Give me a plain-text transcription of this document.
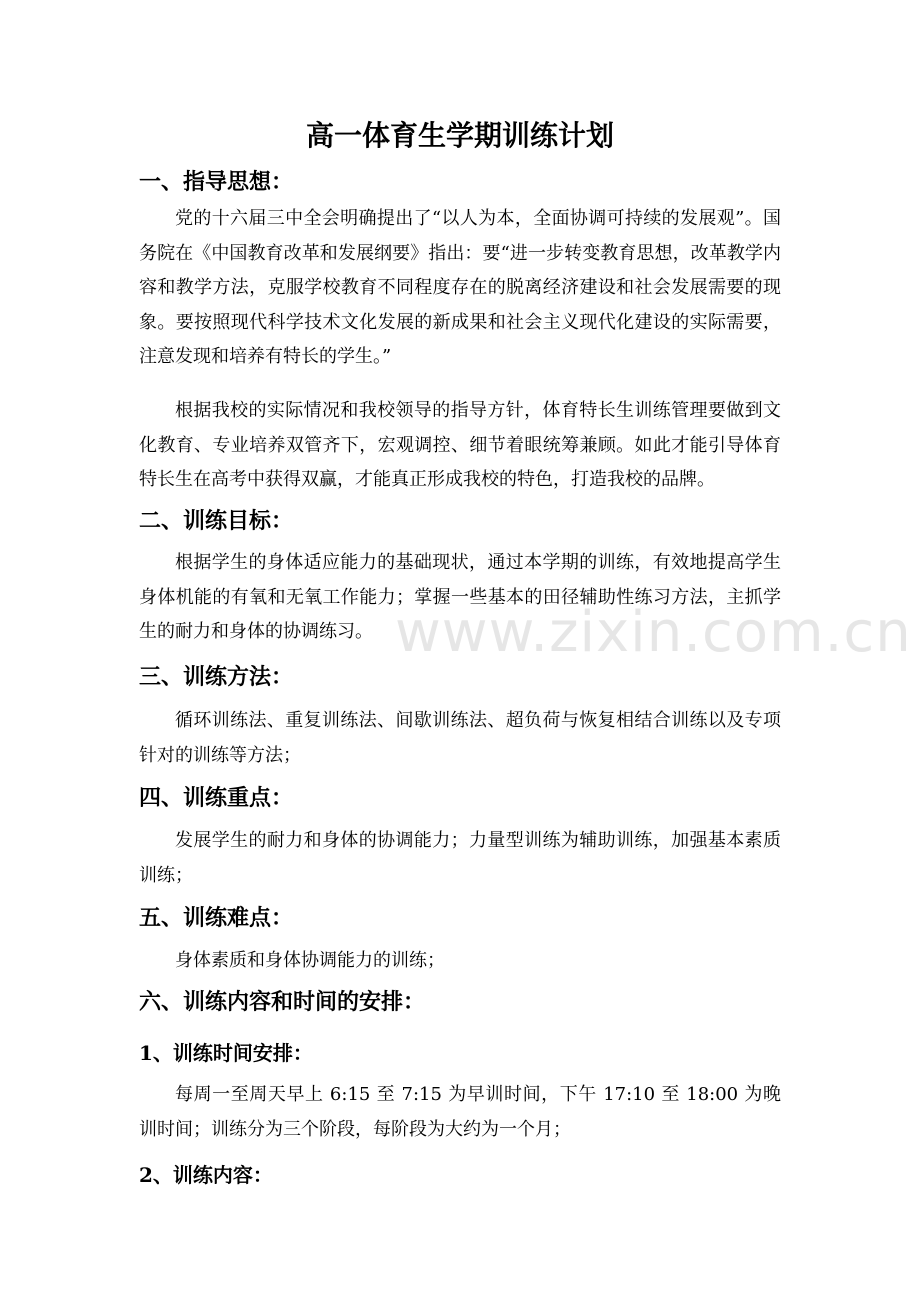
www.zixin.com.cn
高一体育生学期训练计划
一、指导思想：

党的十六届三中全会明确提出了“以人为本，全面协调可持续的发展观”。国务院在《中国教育改革和发展纲要》指出：要“进一步转变教育思想，改革教学内容和教学方法，克服学校教育不同程度存在的脱离经济建设和社会发展需要的现象。要按照现代科学技术文化发展的新成果和社会主义现代化建设的实际需要，注意发现和培养有特长的学生。”

根据我校的实际情况和我校领导的指导方针，体育特长生训练管理要做到文化教育、专业培养双管齐下，宏观调控、细节着眼统筹兼顾。如此才能引导体育特长生在高考中获得双赢，才能真正形成我校的特色，打造我校的品牌。

二、训练目标：

根据学生的身体适应能力的基础现状，通过本学期的训练，有效地提高学生身体机能的有氧和无氧工作能力；掌握一些基本的田径辅助性练习方法，主抓学生的耐力和身体的协调练习。

三、训练方法：

循环训练法、重复训练法、间歇训练法、超负荷与恢复相结合训练以及专项针对的训练等方法；

四、训练重点：

发展学生的耐力和身体的协调能力；力量型训练为辅助训练，加强基本素质训练；

五、训练难点：

身体素质和身体协调能力的训练；

六、训练内容和时间的安排：
1、训练时间安排：

每周一至周天早上 6:15 至 7:15 为早训时间，下午 17:10 至 18:00 为晚训时间；训练分为三个阶段，每阶段为大约为一个月；

2、训练内容：
